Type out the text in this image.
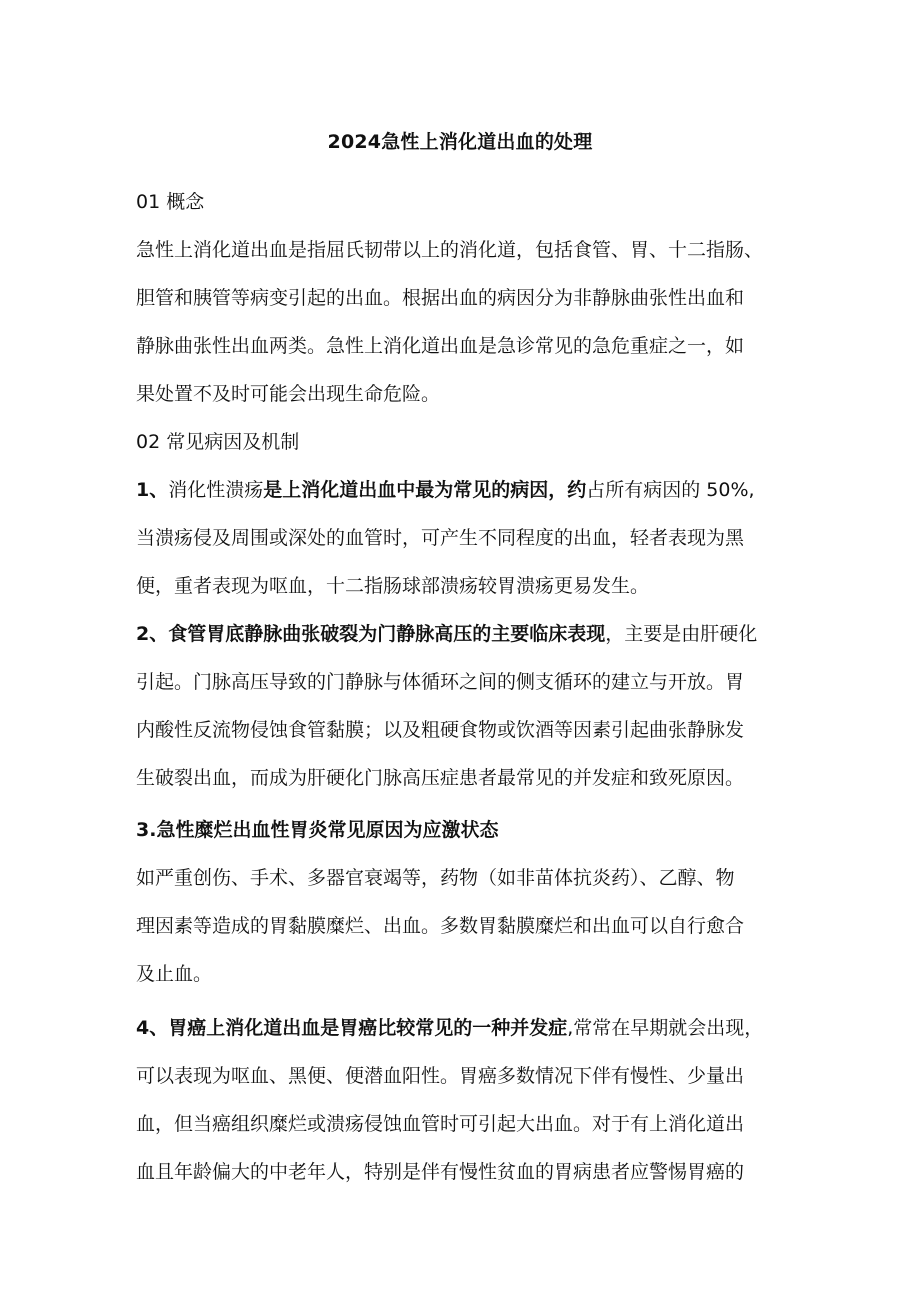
2024急性上消化道出血的处理
01 概念
急性上消化道出血是指屈氏韧带以上的消化道，包括食管、胃、十二指肠、
胆管和胰管等病变引起的出血。根据出血的病因分为非静脉曲张性出血和
静脉曲张性出血两类。急性上消化道出血是急诊常见的急危重症之一，如
果处置不及时可能会出现生命危险。
02 常见病因及机制
1、消化性溃疡是上消化道出血中最为常见的病因，约占所有病因的 50%,
当溃疡侵及周围或深处的血管时，可产生不同程度的出血，轻者表现为黑
便，重者表现为呕血，十二指肠球部溃疡较胃溃疡更易发生。
2、食管胃底静脉曲张破裂为门静脉高压的主要临床表现，主要是由肝硬化
引起。门脉高压导致的门静脉与体循环之间的侧支循环的建立与开放。胃
内酸性反流物侵蚀食管黏膜；以及粗硬食物或饮酒等因素引起曲张静脉发
生破裂出血，而成为肝硬化门脉高压症患者最常见的并发症和致死原因。
3.急性糜烂出血性胃炎常见原因为应激状态
如严重创伤、手术、多器官衰竭等，药物（如非苗体抗炎药）、乙醇、物
理因素等造成的胃黏膜糜烂、出血。多数胃黏膜糜烂和出血可以自行愈合
及止血。
4、胃癌上消化道出血是胃癌比较常见的一种并发症,常常在早期就会出现，
可以表现为呕血、黑便、便潜血阳性。胃癌多数情况下伴有慢性、少量出
血，但当癌组织糜烂或溃疡侵蚀血管时可引起大出血。对于有上消化道出
血且年龄偏大的中老年人，特别是伴有慢性贫血的胃病患者应警惕胃癌的
